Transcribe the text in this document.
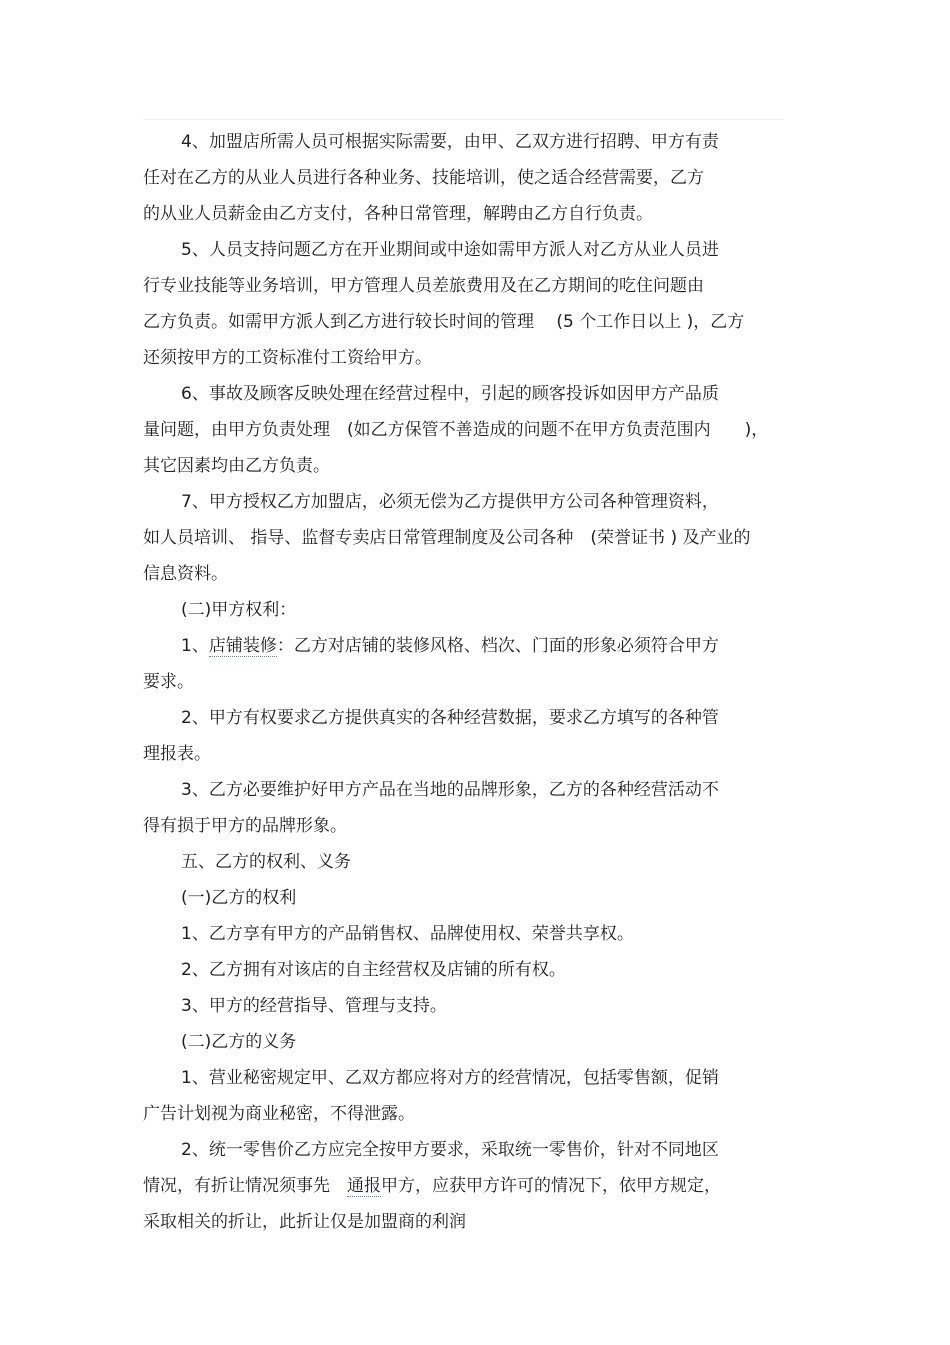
4、加盟店所需人员可根据实际需要，由甲、乙双方进行招聘、甲方有责
任对在乙方的从业人员进行各种业务、技能培训，使之适合经营需要，乙方
的从业人员薪金由乙方支付，各种日常管理，解聘由乙方自行负责。
5、人员支持问题乙方在开业期间或中途如需甲方派人对乙方从业人员进
行专业技能等业务培训，甲方管理人员差旅费用及在乙方期间的吃住问题由
乙方负责。如需甲方派人到乙方进行较长时间的管理　 (5 个工作日以上 )，乙方
还须按甲方的工资标准付工资给甲方。
6、事故及顾客反映处理在经营过程中，引起的顾客投诉如因甲方产品质
量问题，由甲方负责处理　(如乙方保管不善造成的问题不在甲方负责范围内　　)，
其它因素均由乙方负责。
7、甲方授权乙方加盟店，必须无偿为乙方提供甲方公司各种管理资料，
如人员培训、 指导、监督专卖店日常管理制度及公司各种　(荣誉证书 ) 及产业的
信息资料。
(二)甲方权利：
1、店铺装修：乙方对店铺的装修风格、档次、门面的形象必须符合甲方
要求。
2、甲方有权要求乙方提供真实的各种经营数据，要求乙方填写的各种管
理报表。
3、乙方必要维护好甲方产品在当地的品牌形象，乙方的各种经营活动不
得有损于甲方的品牌形象。
五、乙方的权利、义务
(一)乙方的权利
1、乙方享有甲方的产品销售权、品牌使用权、荣誉共享权。
2、乙方拥有对该店的自主经营权及店铺的所有权。
3、甲方的经营指导、管理与支持。
(二)乙方的义务
1、营业秘密规定甲、乙双方都应将对方的经营情况，包括零售额，促销
广告计划视为商业秘密，不得泄露。
2、统一零售价乙方应完全按甲方要求，采取统一零售价，针对不同地区
情况，有折让情况须事先　通报甲方，应获甲方许可的情况下，依甲方规定，
采取相关的折让，此折让仅是加盟商的利润
